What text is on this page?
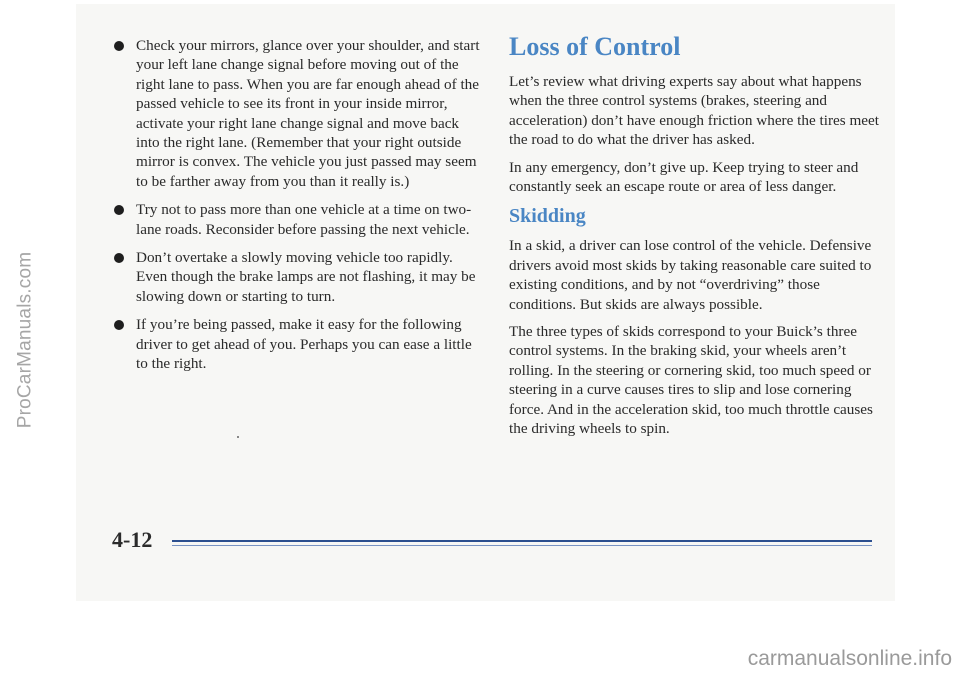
ProCarManuals.com
Check your mirrors, glance over your shoulder, and start your left lane change signal before moving out of the right lane to pass. When you are far enough ahead of the passed vehicle to see its front in your inside mirror, activate your right lane change signal and move back into the right lane. (Remember that your right outside mirror is convex. The vehicle you just passed may seem to be farther away from you than it really is.)
Try not to pass more than one vehicle at a time on two-lane roads. Reconsider before passing the next vehicle.
Don’t overtake a slowly moving vehicle too rapidly. Even though the brake lamps are not flashing, it may be slowing down or starting to turn.
If you’re being passed, make it easy for the following driver to get ahead of you. Perhaps you can ease a little to the right.
Loss of Control

Let’s review what driving experts say about what happens when the three control systems (brakes, steering and acceleration) don’t have enough friction where the tires meet the road to do what the driver has asked.

In any emergency, don’t give up. Keep trying to steer and constantly seek an escape route or area of less danger.

Skidding

In a skid, a driver can lose control of the vehicle. Defensive drivers avoid most skids by taking reasonable care suited to existing conditions, and by not “overdriving” those conditions. But skids are always possible.

The three types of skids correspond to your Buick’s three control systems. In the braking skid, your wheels aren’t rolling. In the steering or cornering skid, too much speed or steering in a curve causes tires to slip and lose cornering force. And in the acceleration skid, too much throttle causes the driving wheels to spin.

4-12
carmanualsonline.info
